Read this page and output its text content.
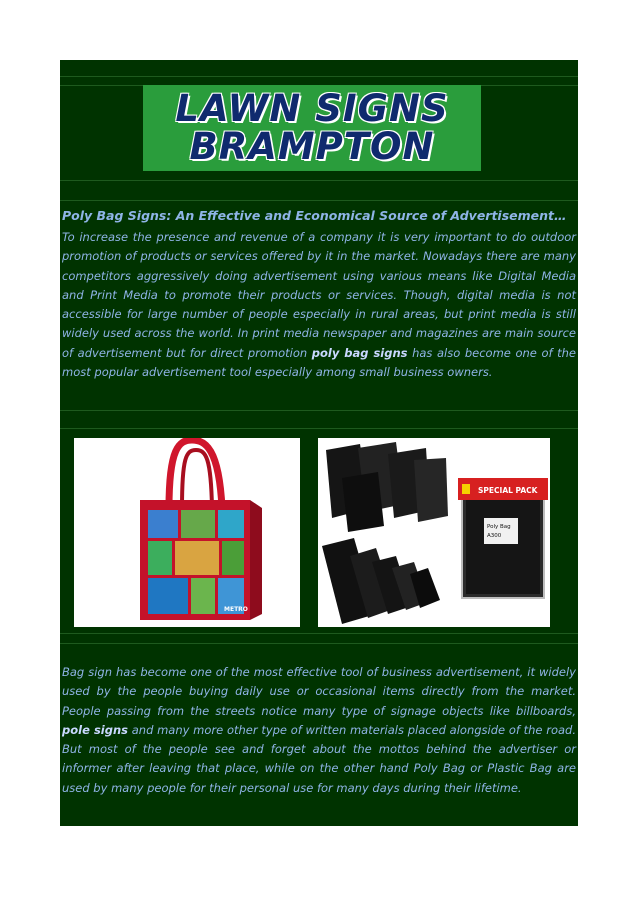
LAWN SIGNS
BRAMPTON
Poly Bag Signs: An Effective and Economical Source of Advertisement…

To increase the presence and revenue of a company it is very important to do outdoor promotion of products or services offered by it in the market. Nowadays there are many competitors aggressively doing advertisement using various means like Digital Media and Print Media to promote their products or services. Though, digital media is not accessible for large number of people especially in rural areas, but print media is still widely used across the world. In print media newspaper and magazines are main source of advertisement but for direct promotion poly bag signs has also become one of the most popular advertisement tool especially among small business owners.

METRO
SPECIAL PACK
Poly Bag
A300

Bag sign has become one of the most effective tool of business advertisement, it widely used by the people buying daily use or occasional items directly from the market. People passing from the streets notice many type of signage objects like billboards, pole signs and many more other type of written materials placed alongside of the road. But most of the people see and forget about the mottos behind the advertiser or informer after leaving that place, while on the other hand Poly Bag or Plastic Bag are used by many people for their personal use for many days during their lifetime.
